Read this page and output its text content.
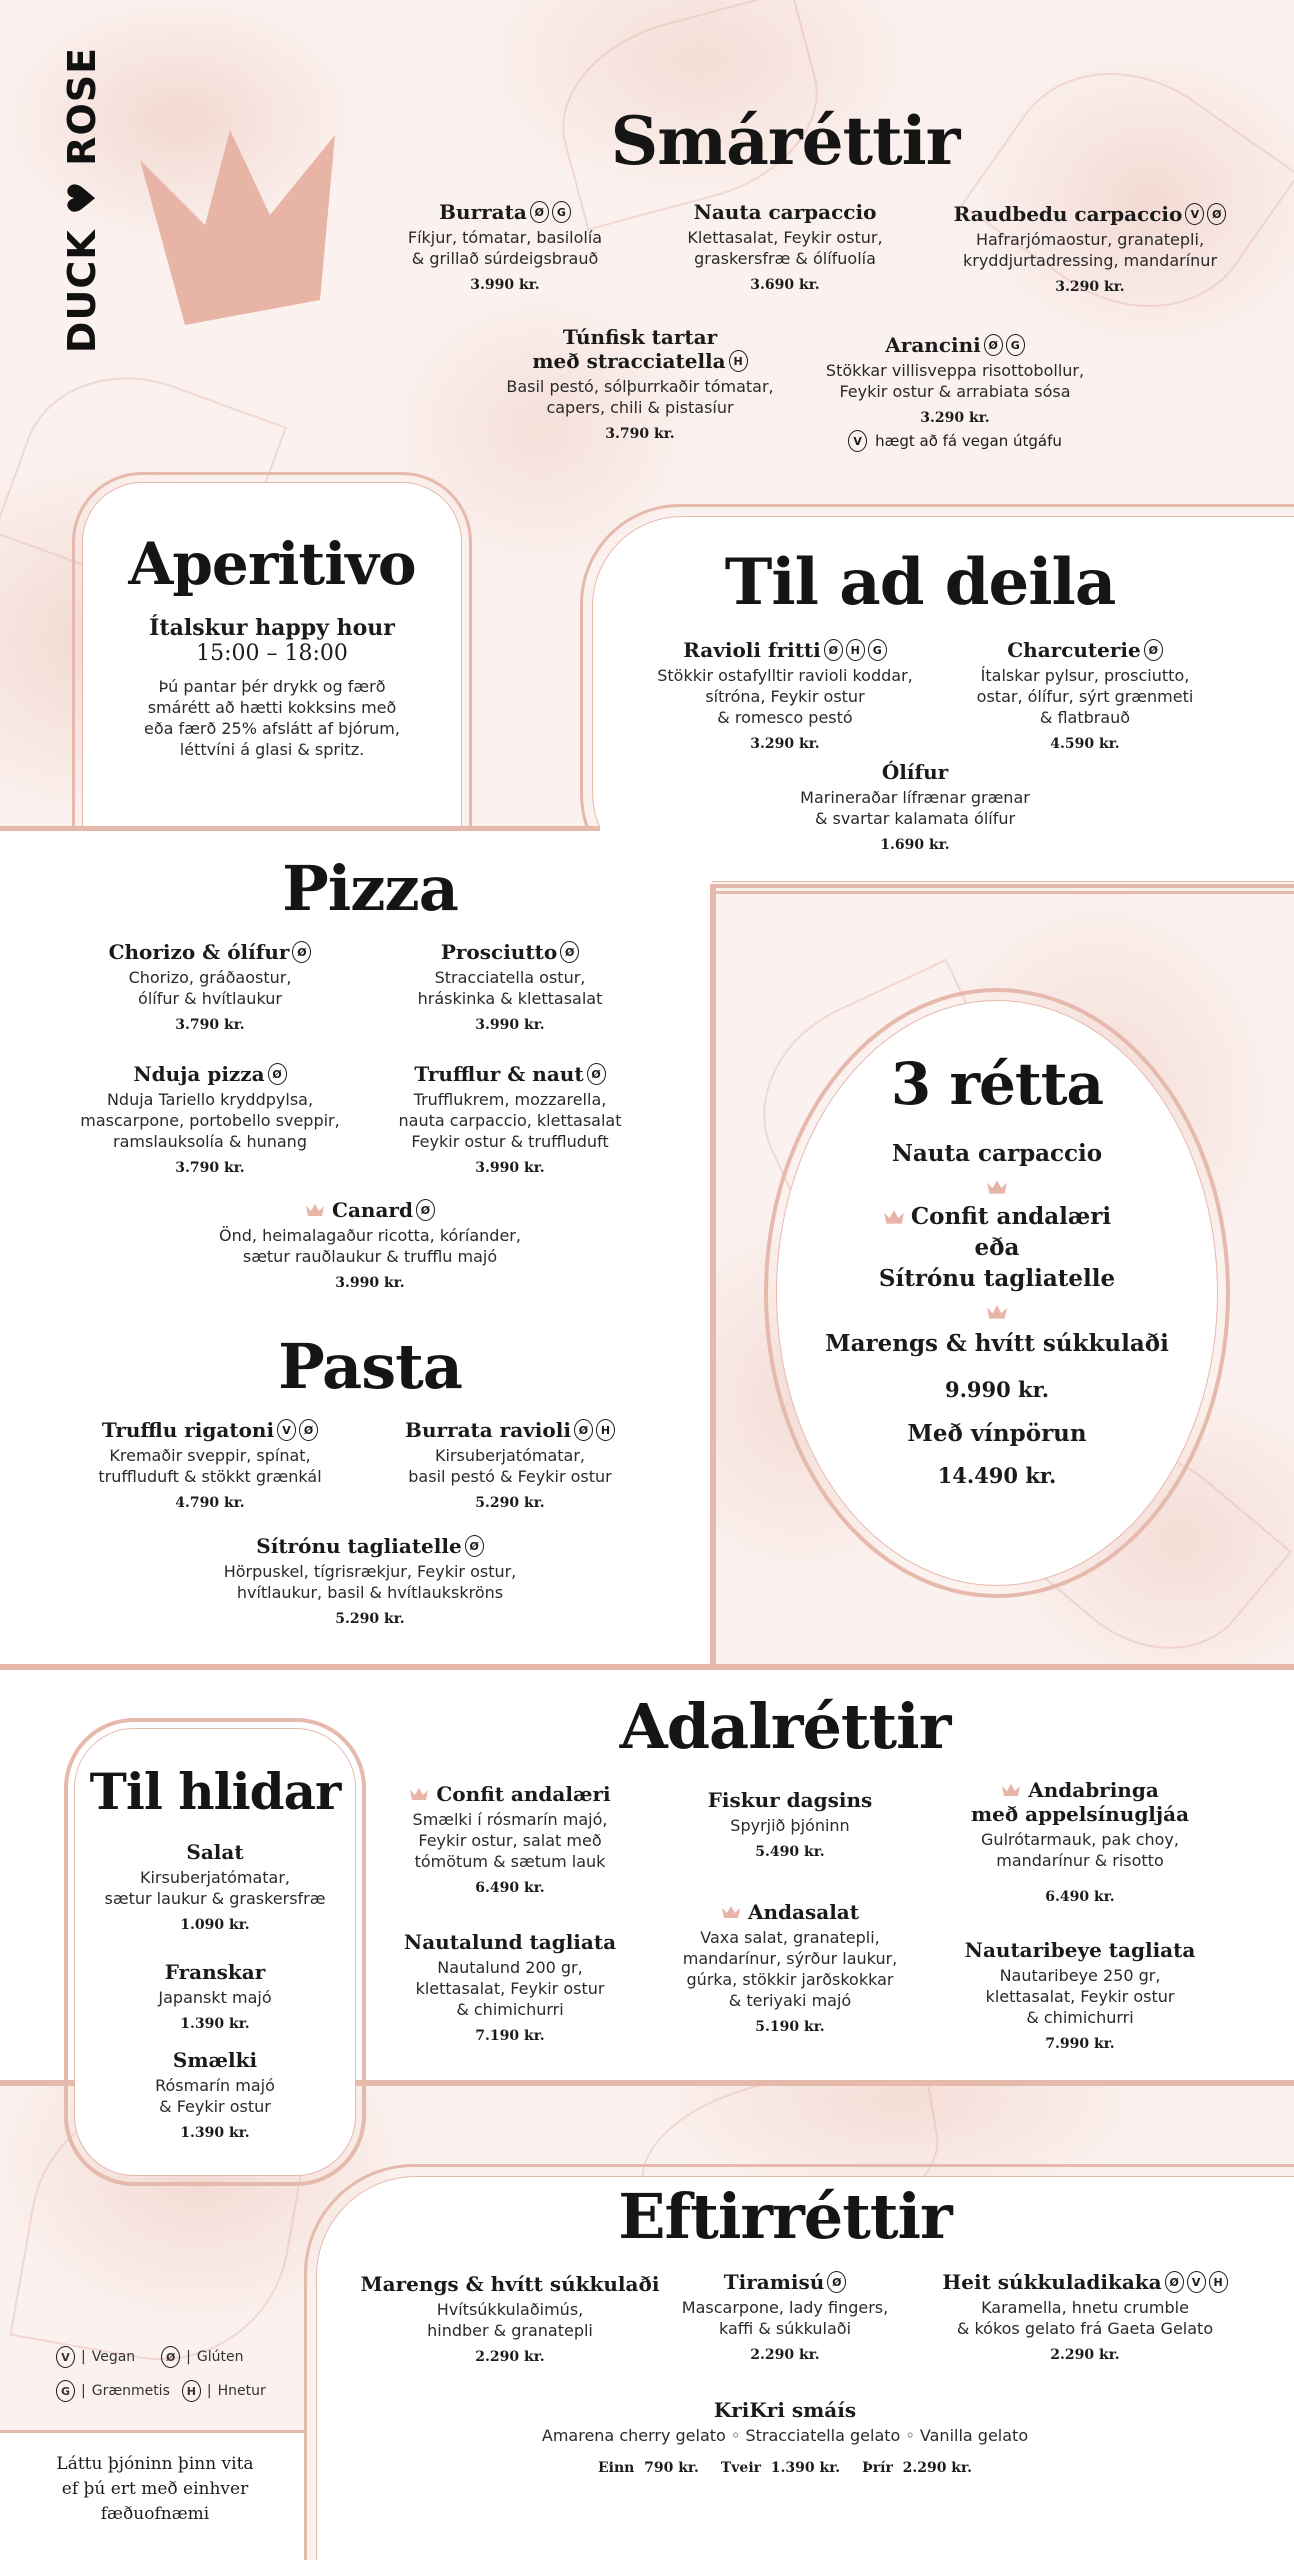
DUCK ♥ ROSE	Smáréttir
Burrata Ø	G
Fíkjur, tómatar, basilolía
& grillað súrdeigsbrauð
3.990 kr.
Nauta carpaccio
Klettasalat, Feykir ostur,
graskersfræ & ólífuolía
3.690 kr.
Raudbedu carpaccio V	Ø
Hafrarjómaostur, granatepli,
kryddjurtadressing, mandarínur
3.290 kr.
Túnfisk tartar

með stracciatella H
Basil pestó, sólþurrkaðir tómatar,
capers, chili & pistasíur
3.790 kr.
Arancini Ø	G
Stökkar villisveppa risottobollur,
Feykir ostur & arrabiata sósa
3.290 kr.
V hægt að fá vegan útgáfu
Aperitivo
Ítalskur happy hour
15:00 – 18:00
Þú pantar þér drykk og færð
smárétt að hætti kokksins með
eða færð 25% afslátt af bjórum,
léttvíni á glasi & spritz.
Til ad deila
Ravioli fritti Ø	H	G
Stökkir ostafylltir ravioli koddar,
sítróna, Feykir ostur
& romesco pestó
3.290 kr.
Charcuterie Ø
Ítalskar pylsur, prosciutto,
ostar, ólífur, sýrt grænmeti
& flatbrauð
4.590 kr.
Ólífur
Marineraðar lífrænar grænar
& svartar kalamata ólífur
1.690 kr.
Pizza
Chorizo & ólífur Ø
Chorizo, gráðaostur,
ólífur & hvítlaukur
3.790 kr.
Prosciutto Ø
Stracciatella ostur,
hráskinka & klettasalat
3.990 kr.
Nduja pizza Ø
Nduja Tariello kryddpylsa,
mascarpone, portobello sveppir,
ramslauksolía & hunang
3.790 kr.
Trufflur & naut Ø
Trufflukrem, mozzarella,
nauta carpaccio, klettasalat
Feykir ostur & truffluduft
3.990 kr.
Canard Ø
Önd, heimalagaður ricotta, kóríander,
sætur rauðlaukur & trufflu majó
3.990 kr.
Pasta
Trufflu rigatoni V	Ø
Kremaðir sveppir, spínat,
truffluduft & stökkt grænkál
4.790 kr.
Burrata ravioli Ø	H
Kirsuberjatómatar,
basil pestó & Feykir ostur
5.290 kr.
Sítrónu tagliatelle Ø
Hörpuskel, tígrisrækjur, Feykir ostur,
hvítlaukur, basil & hvítlaukskröns
5.290 kr.
3 rétta
Nauta carpaccio
Confit andalæri
eða
Sítrónu tagliatelle
Marengs & hvítt súkkulaði
9.990 kr.
Með vínpörun
14.490 kr.
Adalréttir
Confit andalæri
Smælki í rósmarín majó,
Feykir ostur, salat með
tómötum & sætum lauk
6.490 kr.
Fiskur dagsins
Spyrjið þjóninn
5.490 kr.
Andabringa

með appelsínugljáa
Gulrótarmauk, pak choy,
mandarínur & risotto
6.490 kr.
Nautalund tagliata
Nautalund 200 gr,
klettasalat, Feykir ostur
& chimichurri
7.190 kr.
Andasalat
Vaxa salat, granatepli,
mandarínur, sýrður laukur,
gúrka, stökkir jarðskokkar
& teriyaki majó
5.190 kr.
Nautaribeye tagliata
Nautaribeye 250 gr,
klettasalat, Feykir ostur
& chimichurri
7.990 kr.
Til hlidar
Salat
Kirsuberjatómatar,
sætur laukur & graskersfræ
1.090 kr.
Franskar
Japanskt majó
1.390 kr.
Smælki
Rósmarín majó
& Feykir ostur
1.390 kr.
Eftirréttir
Marengs & hvítt súkkulaði
Hvítsúkkulaðimús,
hindber & granatepli
2.290 kr.
Tiramisú Ø
Mascarpone, lady fingers,
kaffi & súkkulaði
2.290 kr.
Heit súkkuladikaka Ø	V	H
Karamella, hnetu crumble
& kókos gelato frá Gaeta Gelato
2.290 kr.
KriKri smáís
Amarena cherry gelato ◦ Stracciatella gelato ◦ Vanilla gelato
Einn 790 kr. Tveir 1.390 kr. Þrír 2.290 kr.
V | Vegan	Ø | Glúten
G | Grænmetis	H | Hnetur
Láttu þjóninn þinn vita
ef þú ert með einhver
fæðuofnæmi
